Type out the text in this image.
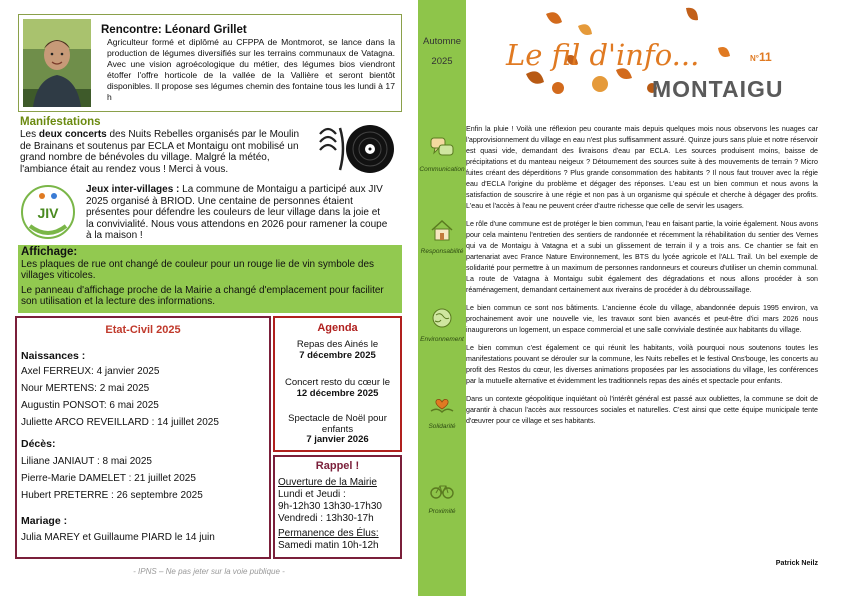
Rencontre: Léonard Grillet
Agriculteur formé et diplômé au CFPPA de Montmorot, se lance dans la production de légumes diversifiés sur les terrains communaux de Vatagna. Avec une vision agroécologique du métier, des légumes bios viendront étoffer l'offre horticole de la vallée de la Vallière et seront bientôt disponibles. Il propose ses légumes chemin des fontaine tous les lundi à 17 h
Manifestations
Les deux concerts des Nuits Rebelles organisés par le Moulin de Brainans et soutenus par ECLA et Montaigu ont mobilisé un grand nombre de bénévoles du village. Malgré la météo, l'ambiance était au rendez vous ! Merci à vous.
JIV
Jeux inter-villages : La commune de Montaigu a participé aux JIV 2025 organisé à BRIOD. Une centaine de personnes étaient présentes pour défendre les couleurs de leur village dans la joie et la convivialité. Nous vous attendons en 2026 pour ramener la coupe à la maison !
Affichage:
Les plaques de rue ont changé de couleur pour un rouge lie de vin symbole des villages viticoles.
Le panneau d'affichage proche de la Mairie a changé d'emplacement pour faciliter son utilisation et la lecture des informations.
Etat-Civil 2025
Naissances :
Axel FERREUX: 4 janvier 2025
Nour MERTENS: 2 mai 2025
Augustin PONSOT: 6 mai 2025
Juliette ARCO REVEILLARD : 14 juillet 2025
Décès:
Liliane JANIAUT : 8 mai 2025
Pierre-Marie DAMELET : 21 juillet 2025
Hubert PRETERRE : 26 septembre 2025
Mariage :
Julia MAREY et Guillaume PIARD le 14 juin
Agenda
Repas des Ainés le
7 décembre 2025
Concert resto du cœur le
12 décembre 2025
Spectacle de Noël pour enfants
7 janvier 2026
Rappel !
Ouverture de la Mairie
Lundi et Jeudi :
9h-12h30 13h30-17h30
Vendredi : 13h30-17h
Permanence des Élus:
Samedi matin 10h-12h
- IPNS – Ne pas jeter sur la voie publique -
Automne
2025
Communication
Responsabilité
Environnement
Solidarité
Proximité
Le fil d'info...	N°11
MONTAIGU

Enfin la pluie ! Voilà une réflexion peu courante mais depuis quelques mois nous observons les nuages car l'approvisionnement du village en eau n'est plus suffisamment assuré. Quinze jours sans pluie et notre réservoir est quasi vide, demandant des livraisons d'eau par ECLA. Les sources produisent moins, baisse de précipitations et du manteau neigeux ? Détournement des sources suite à des mouvements de terrain ? Micro fuites créant des déperditions ? Plus grande consommation des habitants ? Il nous faut trouver avec la régie eau d'ECLA l'origine du problème et dégager des réponses. L'eau est un bien commun et nous avons la satisfaction de souscrire à une régie et non pas à un organisme qui spécule et cherche à dégager des profits. L'eau et l'accès à l'eau ne peuvent créer d'autre richesse que celle de servir les usagers.

Le rôle d'une commune est de protéger le bien commun, l'eau en faisant partie, la voirie également. Nous avons pour cela maintenu l'entretien des sentiers de randonnée et récemment la réhabilitation du sentier des Vernes qui va de Montaigu à Vatagna et a subi un glissement de terrain il y a trois ans. Ce chantier se fait en partenariat avec France Nature Environnement, les BTS du lycée agricole et l'ALL Trail. Un bel exemple de solidarité pour permettre à un maximum de personnes randonneurs et coureurs d'utiliser un chemin communal. La route de Vatagna à Montaigu subit également des dégradations et nous allons procéder à son réaménagement, demandant certainement aux riverains de procéder à du débroussaillage.

Le bien commun ce sont nos bâtiments. L'ancienne école du village, abandonnée depuis 1995 environ, va prochainement avoir une nouvelle vie, les travaux sont bien avancés et peut-être d'ici mars 2026 nous inaugurerons un logement, un espace commercial et une salle conviviale destinée aux habitants du village.

Le bien commun c'est également ce qui réunit les habitants, voilà pourquoi nous soutenons toutes les manifestations pouvant se dérouler sur la commune, les Nuits rebelles et le festival Ons'bouge, les concerts au profit des Restos du cœur, les diverses animations proposées par les associations du village, les conférences par la mutuelle alternative et évidemment les traditionnels repas des ainés et spectacle pour enfants.

Dans un contexte géopolitique inquiétant où l'intérêt général est passé aux oubliettes, la commune se doit de garantir à chacun l'accès aux ressources sociales et naturelles. C'est ainsi que cette équipe municipale tente d'œuvrer pour ce village et ses habitants.

Patrick Neilz
